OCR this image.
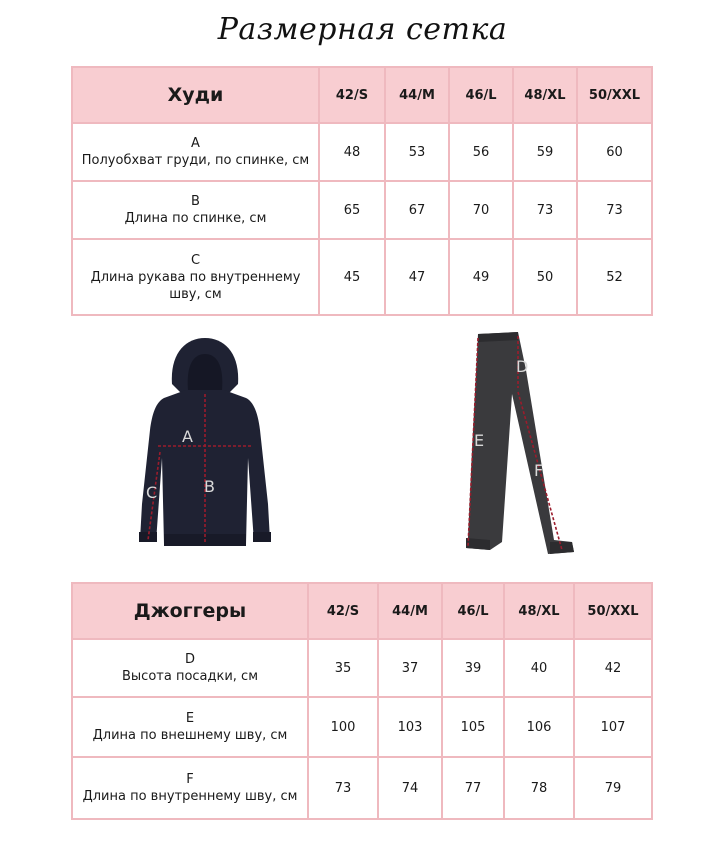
Размерная сетка
Худи	42/S	44/M	46/L	48/XL	50/XXL

A
Полуобхват груди, по спинке, см	48	53	56	59	60

B
Длина по спинке, см	65	67	70	73	73

C
Длина рукава по внутреннему шву, см	45	47	49	50	52
A
B
C
D
E
F
Джоггеры	42/S	44/M	46/L	48/XL	50/XXL

D
Высота посадки, см	35	37	39	40	42

E
Длина по внешнему шву, см	100	103	105	106	107

F
Длина по внутреннему шву, см	73	74	77	78	79
